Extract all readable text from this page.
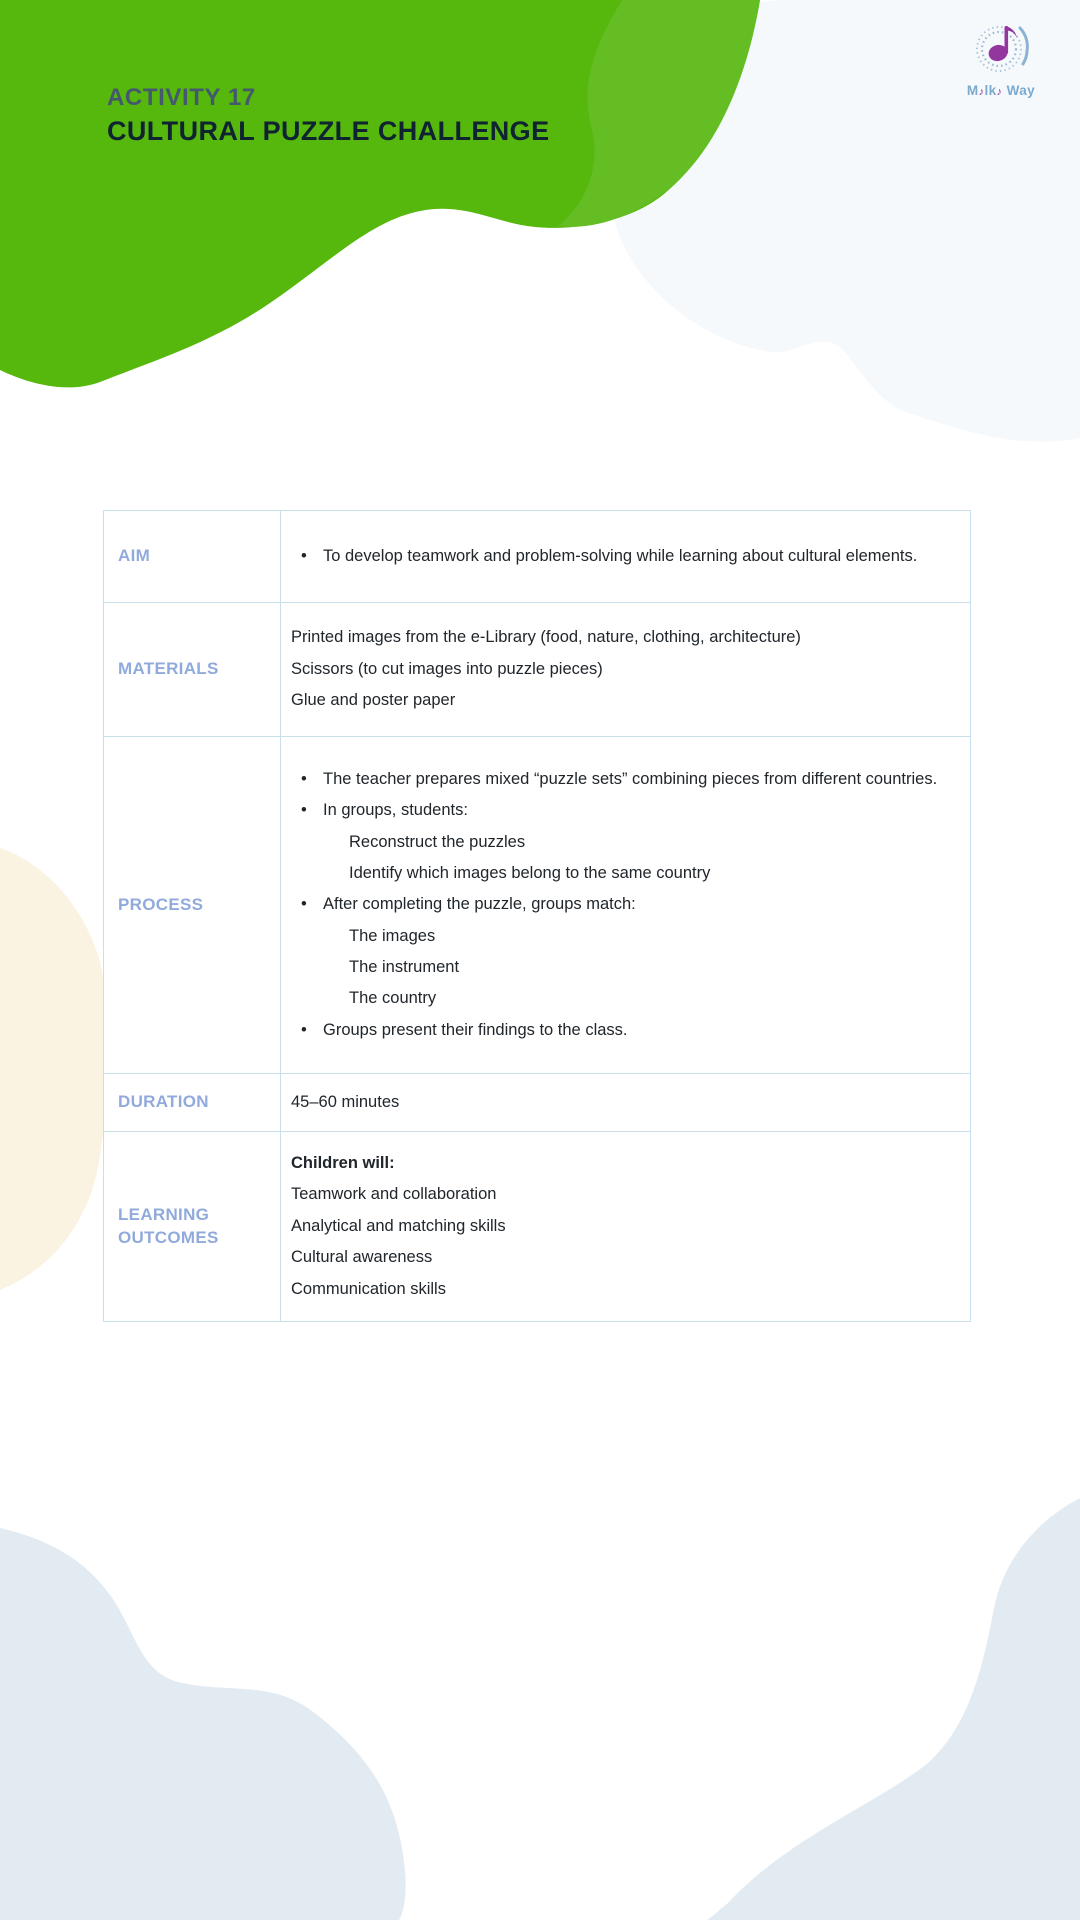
ACTIVITY 17
CULTURAL PUZZLE CHALLENGE
M♪lk♪ Way
AIM	• To develop teamwork and problem-solving while learning about cultural elements.

MATERIALS

Printed images from the e-Library (food, nature, clothing, architecture)

Scissors (to cut images into puzzle pieces)

Glue and poster paper

PROCESS

• The teacher prepares mixed “puzzle sets” combining pieces from different countries.

• In groups, students:

Reconstruct the puzzles

Identify which images belong to the same country

• After completing the puzzle, groups match:

The images

The instrument

The country

• Groups present their findings to the class.

DURATION	45–60 minutes

LEARNING OUTCOMES

Children will:

Teamwork and collaboration

Analytical and matching skills

Cultural awareness

Communication skills
